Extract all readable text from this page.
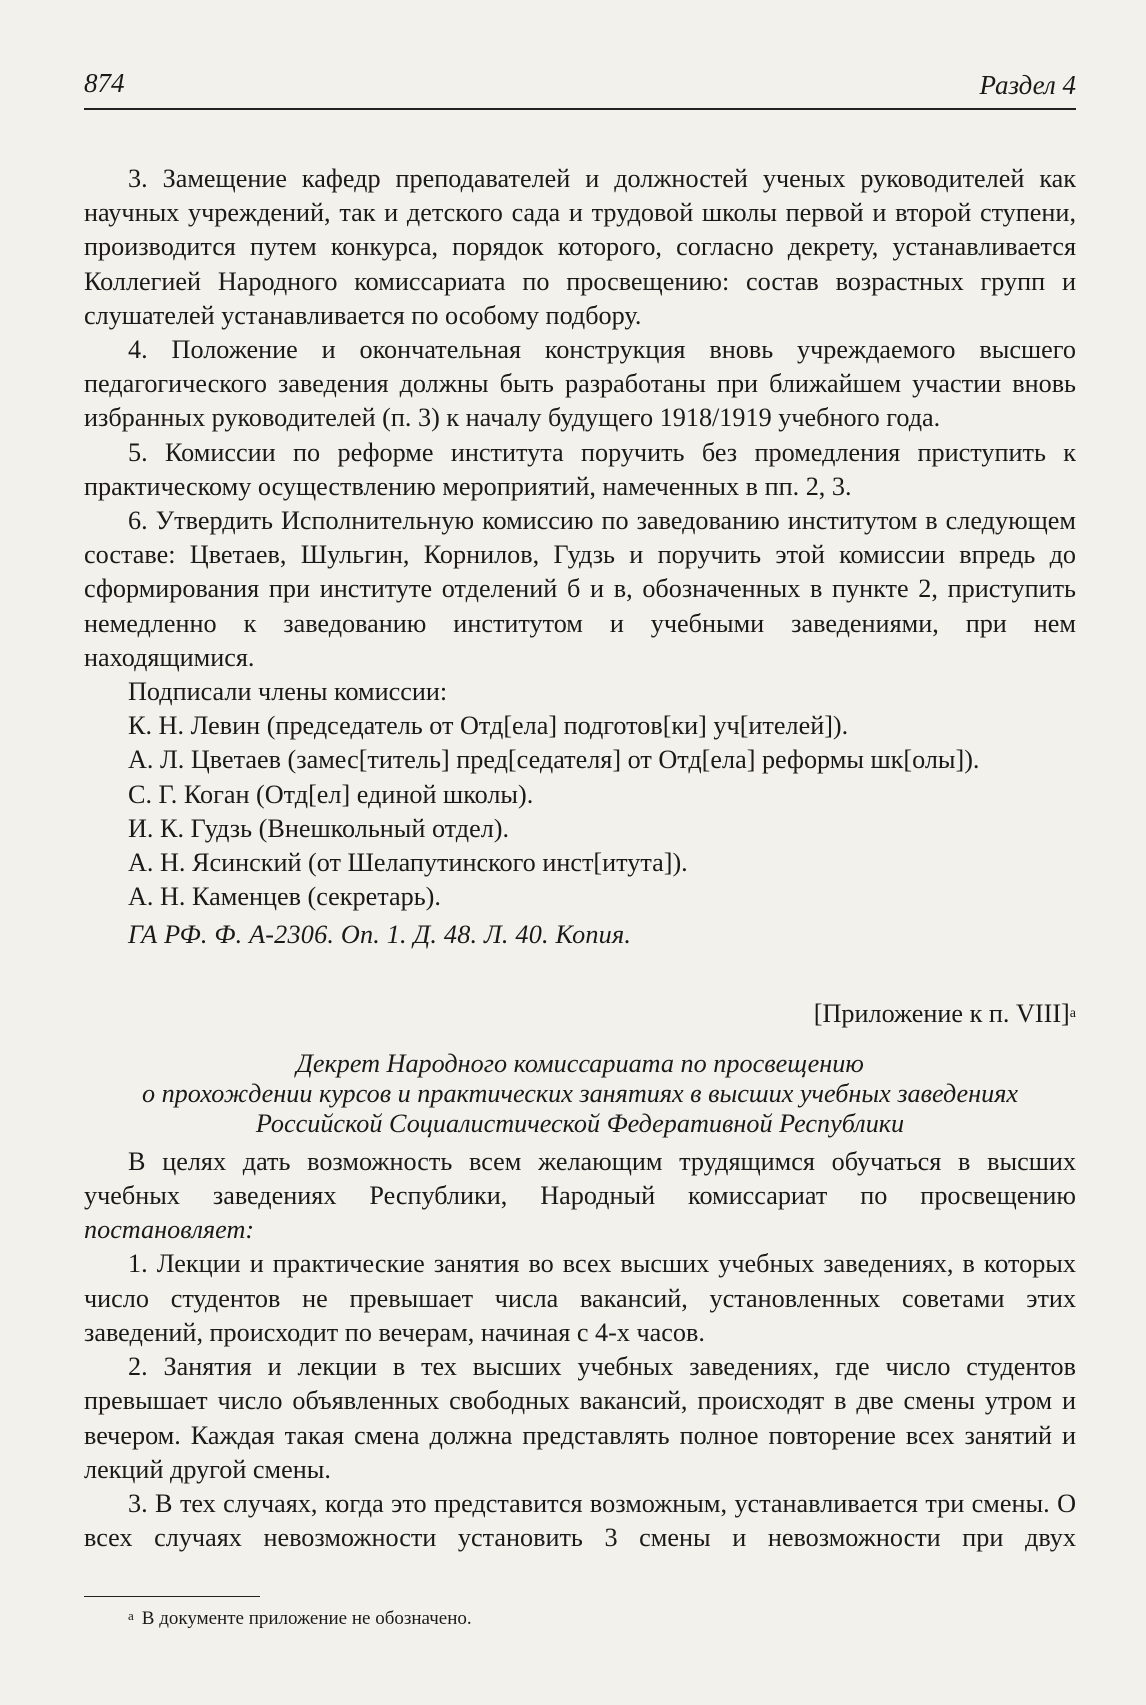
874	Раздел 4

3. Замещение кафедр преподавателей и должностей ученых руководителей как научных учреждений, так и детского сада и трудовой школы первой и второй ступени, производится путем конкурса, порядок которого, согласно декрету, устанавливается Коллегией Народного комиссариата по просвещению: состав возрастных групп и слушателей устанавливается по особому подбору.

4. Положение и окончательная конструкция вновь учреждаемого высшего педагогического заведения должны быть разработаны при ближайшем участии вновь избранных руководителей (п. 3) к началу будущего 1918/1919 учебного года.

5. Комиссии по реформе института поручить без промедления приступить к практическому осуществлению мероприятий, намеченных в пп. 2, 3.

6. Утвердить Исполнительную комиссию по заведованию институтом в следующем составе: Цветаев, Шульгин, Корнилов, Гудзь и поручить этой комиссии впредь до сформирования при институте отделений б и в, обозначенных в пункте 2, приступить немедленно к заведованию институтом и учебными заведениями, при нем находящимися.

Подписали члены комиссии:
К. Н. Левин (председатель от Отд[ела] подготов[ки] уч[ителей]).
А. Л. Цветаев (замес[титель] пред[седателя] от Отд[ела] реформы шк[олы]).
С. Г. Коган (Отд[ел] единой школы).
И. К. Гудзь (Внешкольный отдел).
А. Н. Ясинский (от Шелапутинского инст[итута]).
А. Н. Каменцев (секретарь).
ГА РФ. Ф. А-2306. Оп. 1. Д. 48. Л. 40. Копия.
[Приложение к п. VIII]$^а$
Декрет Народного комиссариата по просвещению
о прохождении курсов и практических занятиях в высших учебных заведениях
Российской Социалистической Федеративной Республики

В целях дать возможность всем желающим трудящимся обучаться в высших учебных заведениях Республики, Народный комиссариат по просвещению постановляет:

1. Лекции и практические занятия во всех высших учебных заведениях, в которых число студентов не превышает числа вакансий, установленных советами этих заведений, происходит по вечерам, начиная с 4-х часов.

2. Занятия и лекции в тех высших учебных заведениях, где число студентов превышает число объявленных свободных вакансий, происходят в две смены утром и вечером. Каждая такая смена должна представлять полное повторение всех занятий и лекций другой смены.

3. В тех случаях, когда это представится возможным, устанавливается три смены. О всех случаях невозможности установить 3 смены и невозможности при двух

$^а$ В документе приложение не обозначено.
